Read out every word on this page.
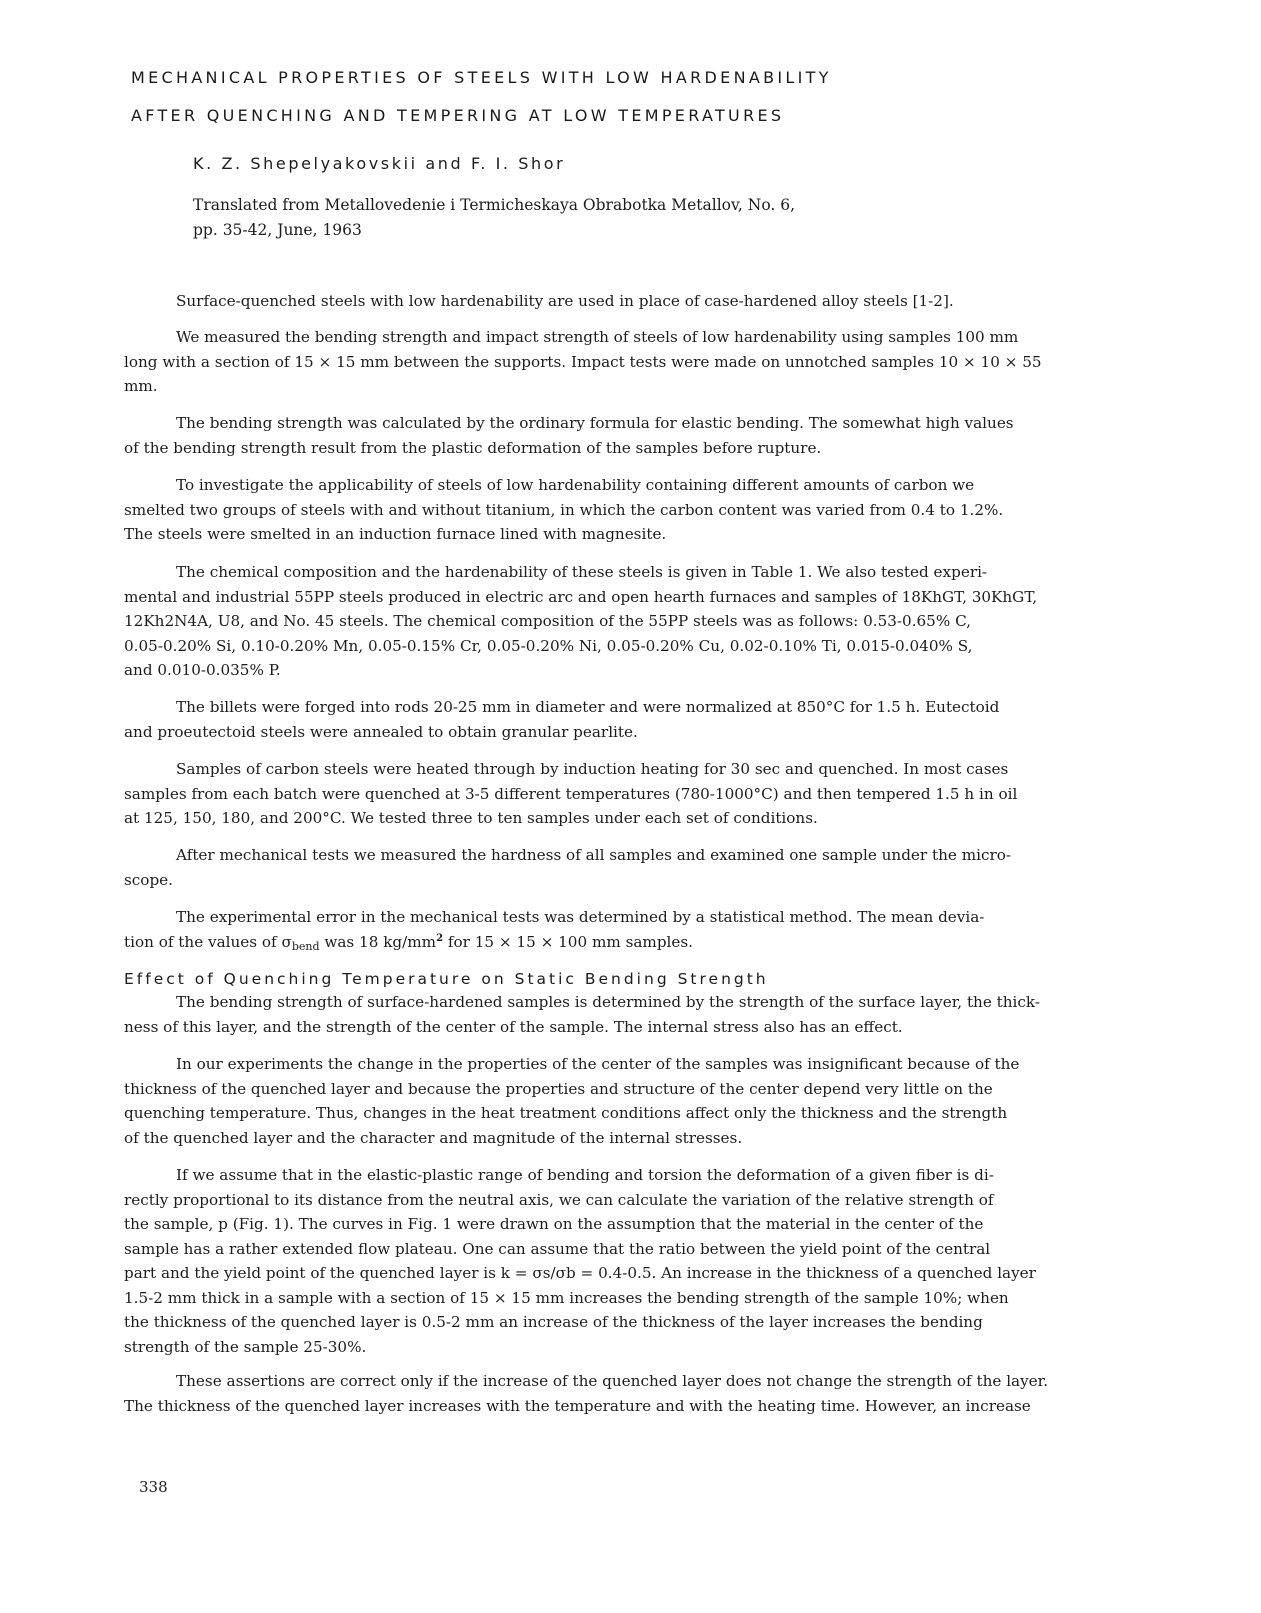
MECHANICAL PROPERTIES OF STEELS WITH LOW HARDENABILITY
AFTER QUENCHING AND TEMPERING AT LOW TEMPERATURES
K. Z. Shepelyakovskii and F. I. Shor
Translated from Metallovedenie i Termicheskaya Obrabotka Metallov, No. 6,
pp. 35-42, June, 1963
Surface-quenched steels with low hardenability are used in place of case-hardened alloy steels [1-2].
We measured the bending strength and impact strength of steels of low hardenability using samples 100 mm
long with a section of 15 × 15 mm between the supports. Impact tests were made on unnotched samples 10 × 10 × 55
mm.
The bending strength was calculated by the ordinary formula for elastic bending. The somewhat high values
of the bending strength result from the plastic deformation of the samples before rupture.
To investigate the applicability of steels of low hardenability containing different amounts of carbon we
smelted two groups of steels with and without titanium, in which the carbon content was varied from 0.4 to 1.2%.
The steels were smelted in an induction furnace lined with magnesite.
The chemical composition and the hardenability of these steels is given in Table 1. We also tested experi-
mental and industrial 55PP steels produced in electric arc and open hearth furnaces and samples of 18KhGT, 30KhGT,
12Kh2N4A, U8, and No. 45 steels. The chemical composition of the 55PP steels was as follows: 0.53-0.65% C,
0.05-0.20% Si, 0.10-0.20% Mn, 0.05-0.15% Cr, 0.05-0.20% Ni, 0.05-0.20% Cu, 0.02-0.10% Ti, 0.015-0.040% S,
and 0.010-0.035% P.
The billets were forged into rods 20-25 mm in diameter and were normalized at 850°C for 1.5 h. Eutectoid
and proeutectoid steels were annealed to obtain granular pearlite.
Samples of carbon steels were heated through by induction heating for 30 sec and quenched. In most cases
samples from each batch were quenched at 3-5 different temperatures (780-1000°C) and then tempered 1.5 h in oil
at 125, 150, 180, and 200°C. We tested three to ten samples under each set of conditions.
After mechanical tests we measured the hardness of all samples and examined one sample under the micro-
scope.
The experimental error in the mechanical tests was determined by a statistical method. The mean devia-
tion of the values of σbend was 18 $kg/mm^2$ for 15 × 15 × 100 mm samples.
Effect of Quenching Temperature on Static Bending Strength
The bending strength of surface-hardened samples is determined by the strength of the surface layer, the thick-
ness of this layer, and the strength of the center of the sample. The internal stress also has an effect.
In our experiments the change in the properties of the center of the samples was insignificant because of the
thickness of the quenched layer and because the properties and structure of the center depend very little on the
quenching temperature. Thus, changes in the heat treatment conditions affect only the thickness and the strength
of the quenched layer and the character and magnitude of the internal stresses.
If we assume that in the elastic-plastic range of bending and torsion the deformation of a given fiber is di-
rectly proportional to its distance from the neutral axis, we can calculate the variation of the relative strength of
the sample, p (Fig. 1). The curves in Fig. 1 were drawn on the assumption that the material in the center of the
sample has a rather extended flow plateau. One can assume that the ratio between the yield point of the central
part and the yield point of the quenched layer is k = σs/σb = 0.4-0.5. An increase in the thickness of a quenched layer
1.5-2 mm thick in a sample with a section of 15 × 15 mm increases the bending strength of the sample 10%; when
the thickness of the quenched layer is 0.5-2 mm an increase of the thickness of the layer increases the bending
strength of the sample 25-30%.
These assertions are correct only if the increase of the quenched layer does not change the strength of the layer.
The thickness of the quenched layer increases with the temperature and with the heating time. However, an increase
338
